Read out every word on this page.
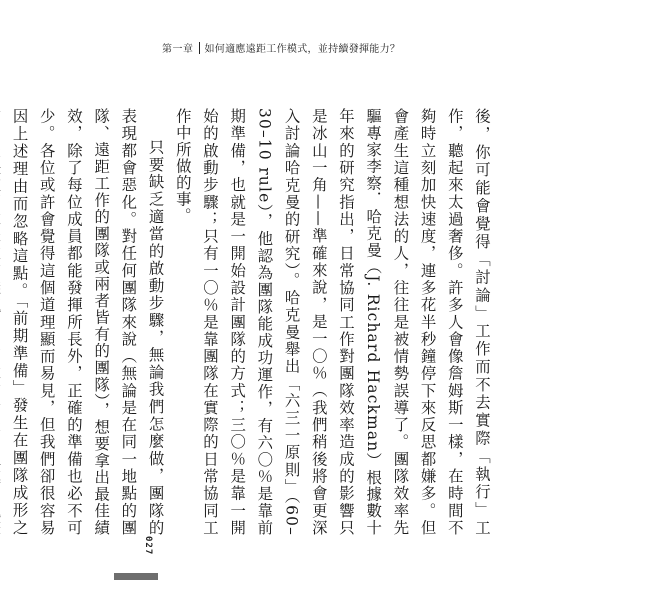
第一章 如何適應遠距工作模式，並持續發揮能力？

後，你可能會覺得「討論」工作而不去實際「執行」工作，聽起來太過奢侈。許多人會像詹姆斯一樣，在時間不夠時立刻加快速度，連多花半秒鐘停下來反思都嫌多。但會產生這種想法的人，往往是被情勢誤導了。團隊效率先驅專家李察．哈克曼（J. Richard Hackman）根據數十年來的研究指出，日常協同工作對團隊效率造成的影響只是冰山一角——準確來說，是一〇％（我們稍後將會更深入討論哈克曼的研究）。哈克曼舉出「六三一原則」（60–30–10 rule），他認為團隊能成功運作，有六〇％是靠前期準備，也就是一開始設計團隊的方式；三〇％是靠一開始的啟動步驟；只有一〇％是靠團隊在實際的日常協同工作中所做的事。

只要缺乏適當的啟動步驟，無論我們怎麼做，團隊的表現都會惡化。對任何團隊來說（無論是在同一地點的團隊、遠距工作的團隊或兩者皆有的團隊），想要拿出最佳績效，除了每位成員都能發揮所長外，正確的準備也必不可少。各位或許會覺得這個道理顯而易見，但我們卻很容易因上述理由而忽略這點。「前期準備」發生在團隊成形之

027
